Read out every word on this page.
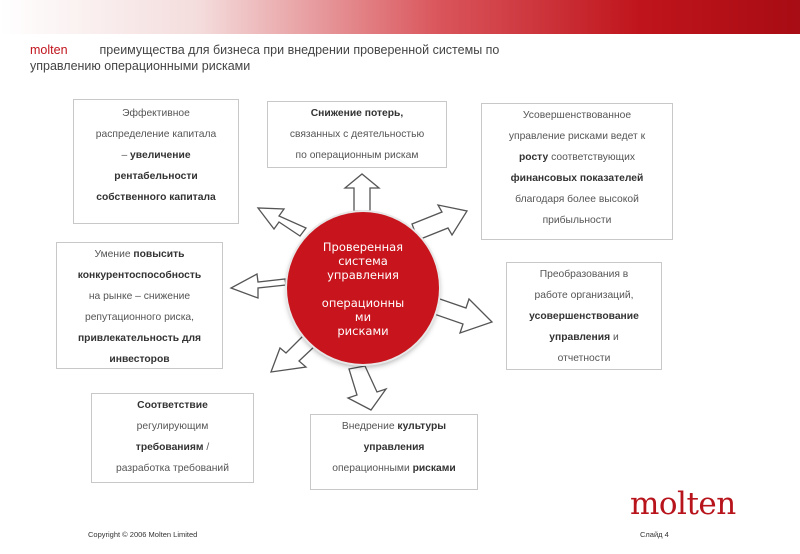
molten	преимущества для бизнеса при внедрении проверенной системы по
управлению операционными рисками
Проверенная
система
управления
операционны
ми
рисками
Эффективное
распределение капитала
– увеличение
рентабельности
собственного капитала
Снижение потерь,
связанных с деятельностью
по операционным рискам
Усовершенствованное
управление рисками ведет к
росту соответствующих
финансовых показателей
благодаря более высокой
прибыльности
Умение повысить
конкурентоспособность
на рынке – снижение
репутационного риска,
привлекательность для
инвесторов
Преобразования в
работе организаций,
усовершенствование
управления и
отчетности
Соответствие
регулирующим
требованиям /
разработка требований
Внедрение культуры
управления
операционными рисками
molten
Copyright © 2006 Molten Limited	Слайд 4
